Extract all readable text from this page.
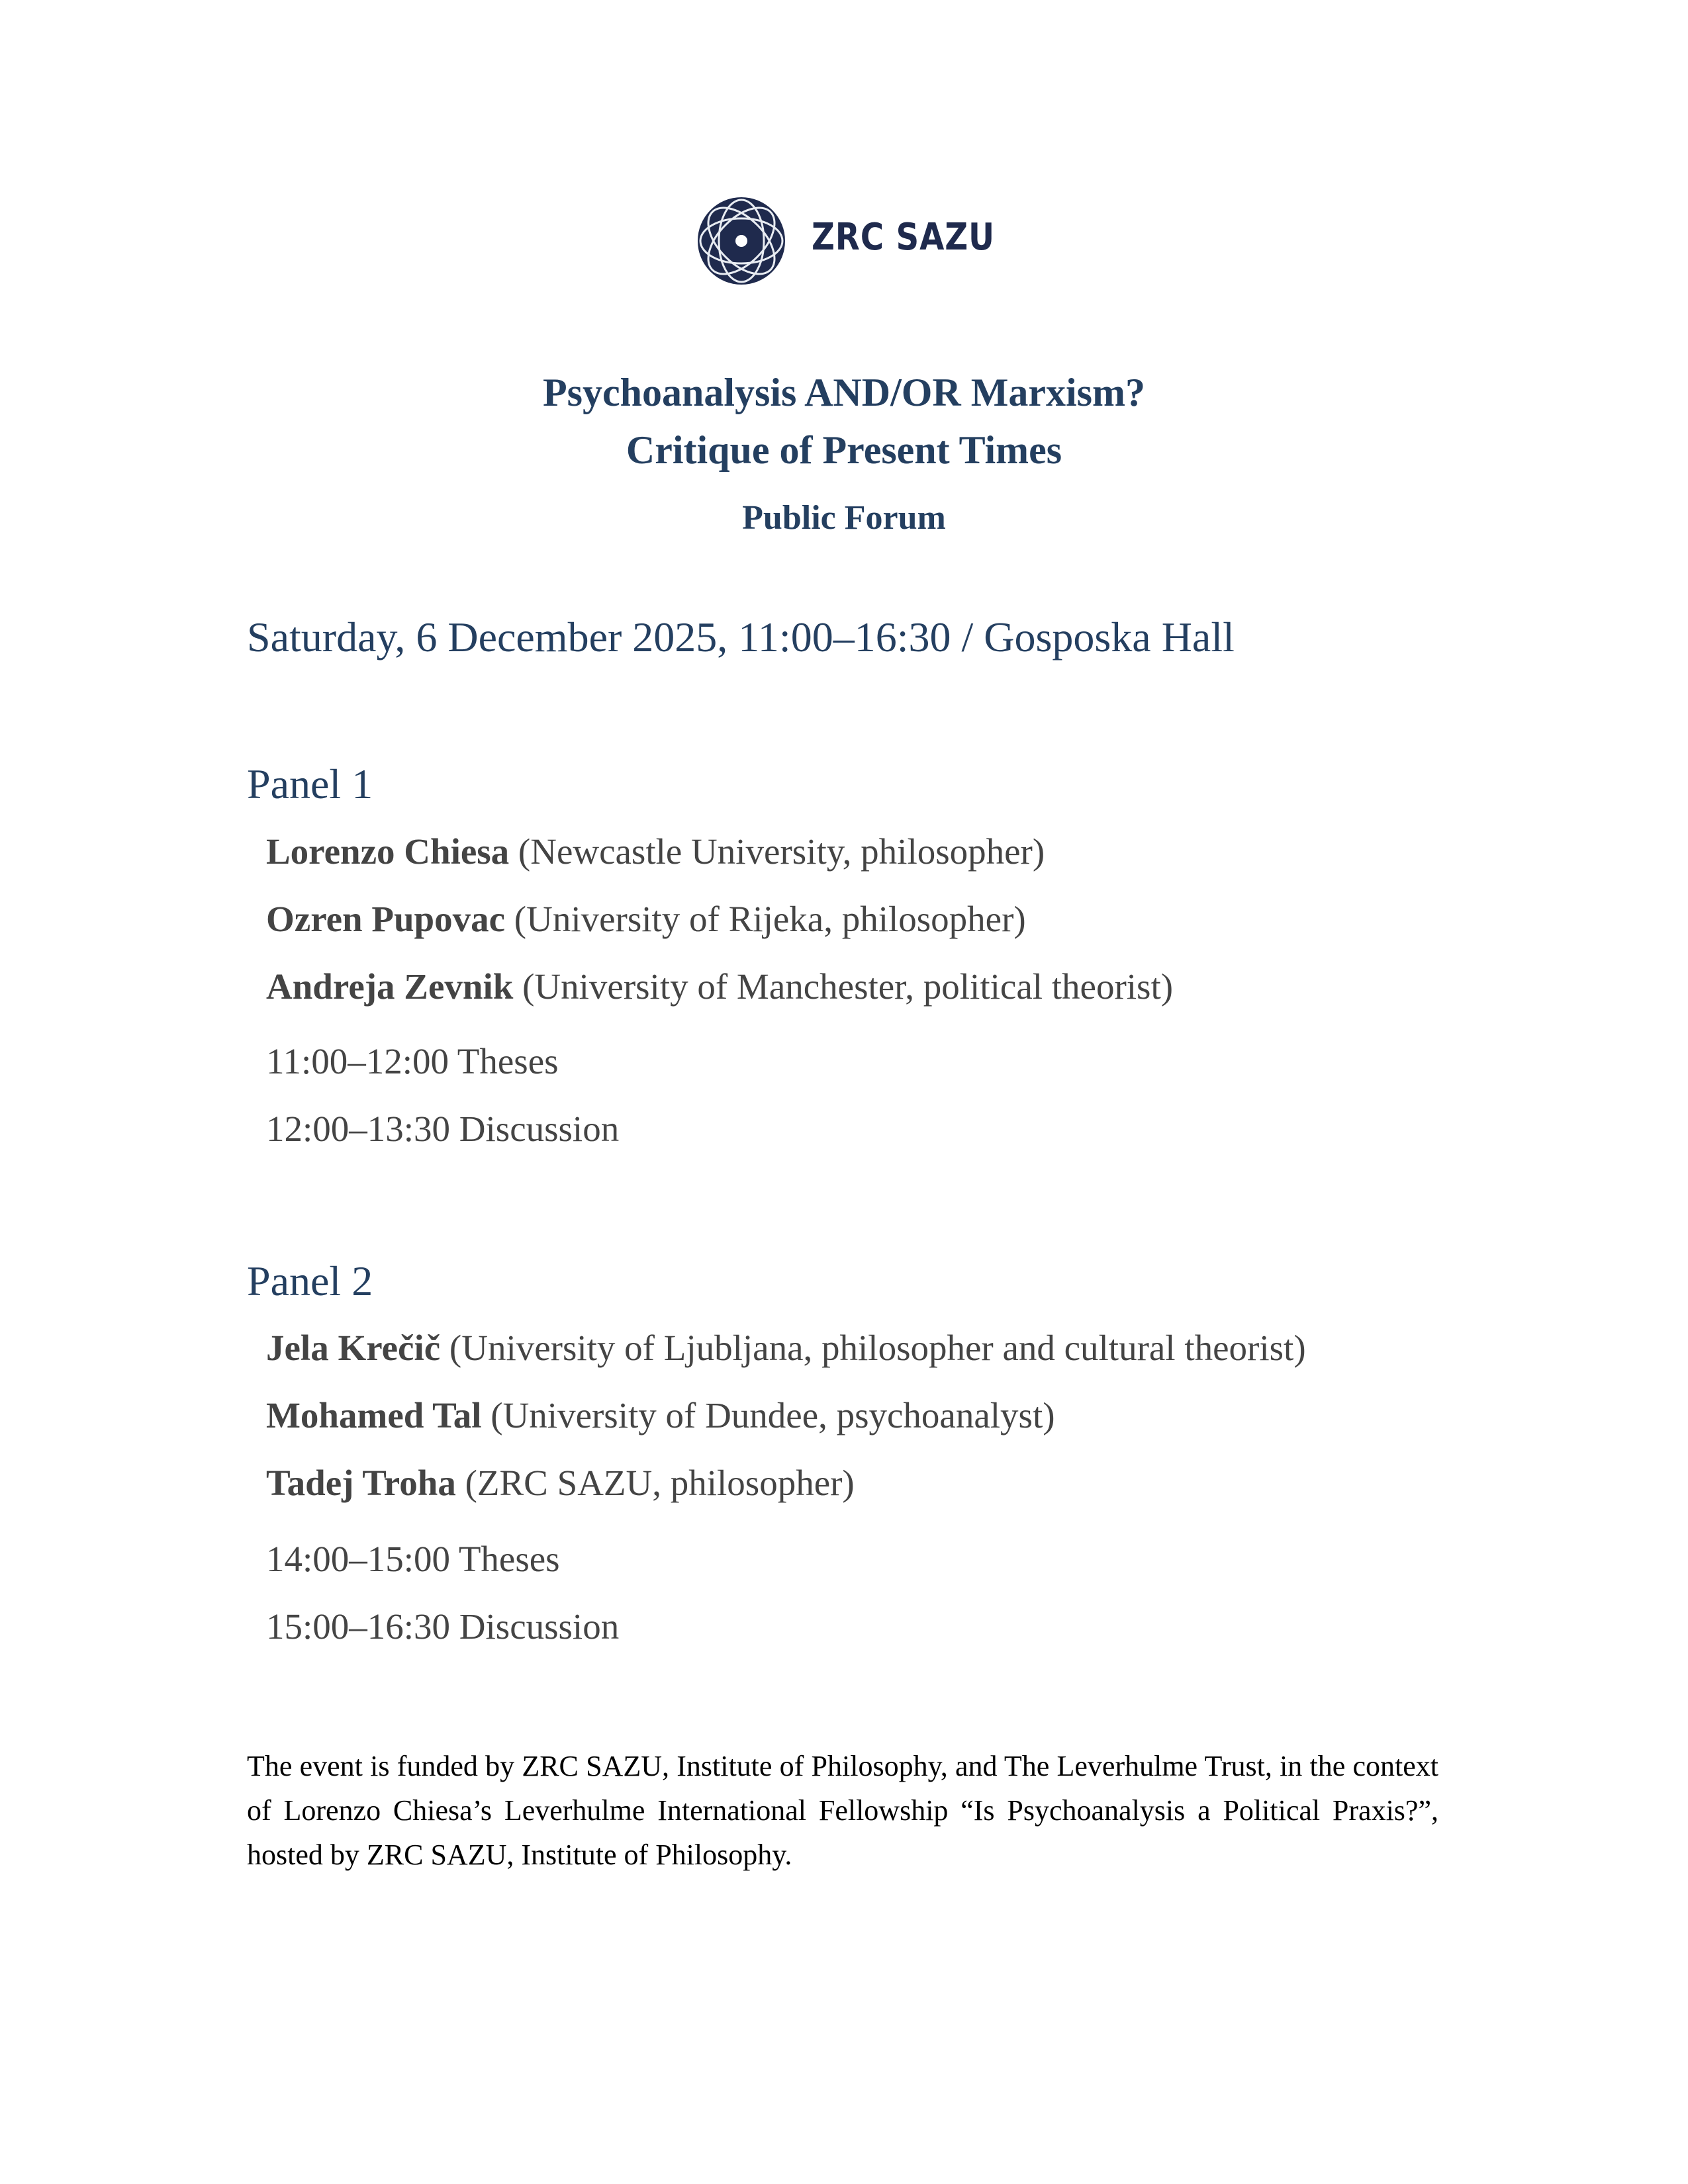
ZRC SAZU
Psychoanalysis AND/OR Marxism?
Critique of Present Times
Public Forum
Saturday, 6 December 2025, 11:00–16:30 / Gosposka Hall
Panel 1
Lorenzo Chiesa (Newcastle University, philosopher)
Ozren Pupovac (University of Rijeka, philosopher)
Andreja Zevnik (University of Manchester, political theorist)
11:00–12:00 Theses
12:00–13:30 Discussion
Panel 2
Jela Krečič (University of Ljubljana, philosopher and cultural theorist)
Mohamed Tal (University of Dundee, psychoanalyst)
Tadej Troha (ZRC SAZU, philosopher)
14:00–15:00 Theses
15:00–16:30 Discussion
The event is funded by ZRC SAZU, Institute of Philosophy, and The Leverhulme Trust, in the context of Lorenzo Chiesa’s Leverhulme International Fellowship “Is Psychoanalysis a Political Praxis?”, hosted by ZRC SAZU, Institute of Philosophy.
